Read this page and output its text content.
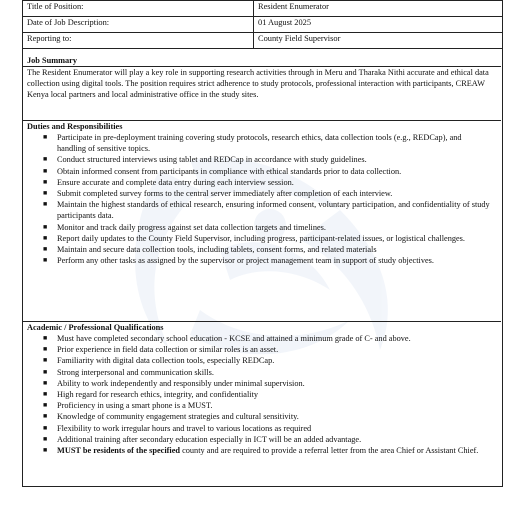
Title of Position:	Resident Enumerator
Date of Job Description:	01 August 2025
Reporting to:	County Field Supervisor
Job Summary
The Resident Enumerator will play a key role in supporting research activities through in Meru and Tharaka Nithi accurate and ethical data collection using digital tools. The position requires strict adherence to study protocols, professional interaction with participants, CREAW Kenya local partners and local administrative office in the study sites.
Duties and Responsibilities
■ Participate in pre-deployment training covering study protocols, research ethics, data collection tools (e.g., REDCap), and handling of sensitive topics.
■ Conduct structured interviews using tablet and REDCap in accordance with study guidelines.
■ Obtain informed consent from participants in compliance with ethical standards prior to data collection.
■ Ensure accurate and complete data entry during each interview session.
■ Submit completed survey forms to the central server immediately after completion of each interview.
■ Maintain the highest standards of ethical research, ensuring informed consent, voluntary participation, and confidentiality of study participants data.
■ Monitor and track daily progress against set data collection targets and timelines.
■ Report daily updates to the County Field Supervisor, including progress, participant-related issues, or logistical challenges.
■ Maintain and secure data collection tools, including tablets, consent forms, and related materials
■ Perform any other tasks as assigned by the supervisor or project management team in support of study objectives.
Academic / Professional Qualifications
■ Must have completed secondary school education - KCSE and attained a minimum grade of C- and above.
■ Prior experience in field data collection or similar roles is an asset.
■ Familiarity with digital data collection tools, especially REDCap.
■ Strong interpersonal and communication skills.
■ Ability to work independently and responsibly under minimal supervision.
■ High regard for research ethics, integrity, and confidentiality
■ Proficiency in using a smart phone is a MUST.
■ Knowledge of community engagement strategies and cultural sensitivity.
■ Flexibility to work irregular hours and travel to various locations as required
■ Additional training after secondary education especially in ICT will be an added advantage.
■ MUST be residents of the specified county and are required to provide a referral letter from the area Chief or Assistant Chief.
